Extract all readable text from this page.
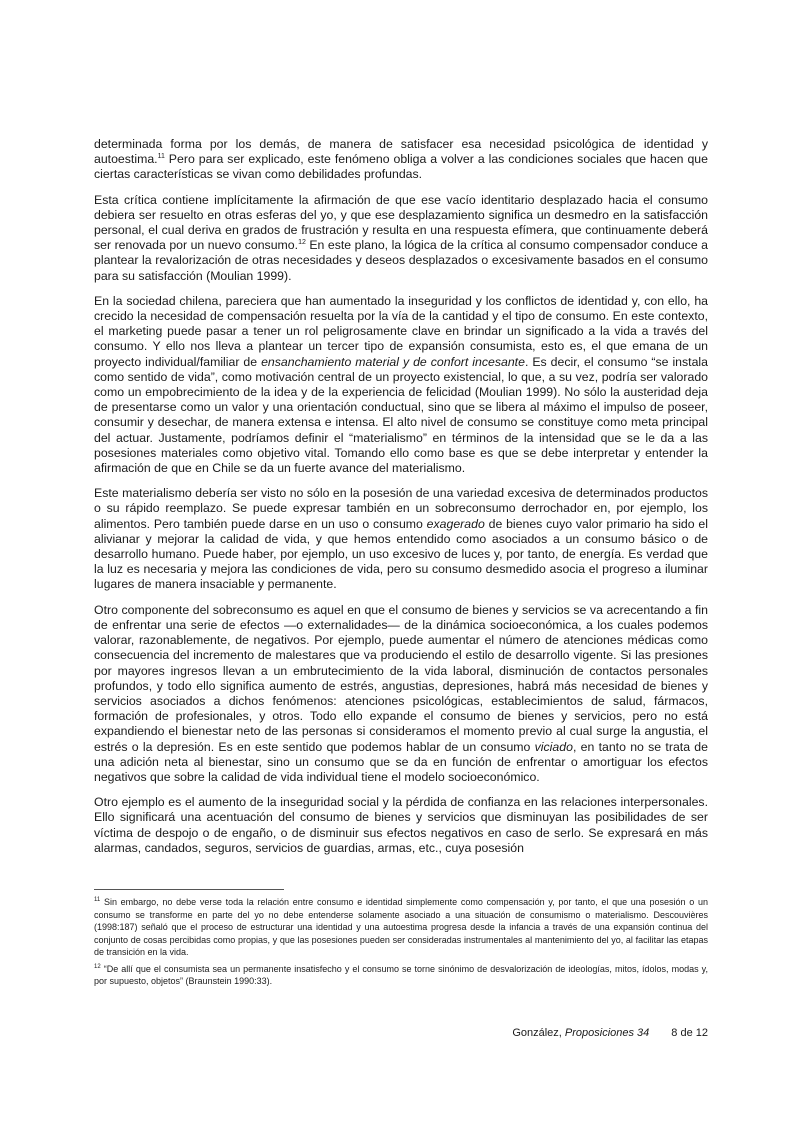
determinada forma por los demás, de manera de satisfacer esa necesidad psicológica de identidad y autoestima.$^{11}$ Pero para ser explicado, este fenómeno obliga a volver a las condiciones sociales que hacen que ciertas características se vivan como debilidades profundas.

Esta crítica contiene implícitamente la afirmación de que ese vacío identitario desplazado hacia el consumo debiera ser resuelto en otras esferas del yo, y que ese desplazamiento significa un desmedro en la satisfacción personal, el cual deriva en grados de frustración y resulta en una respuesta efímera, que continuamente deberá ser renovada por un nuevo consumo.$^{12}$ En este plano, la lógica de la crítica al consumo compensador conduce a plantear la revalorización de otras necesidades y deseos desplazados o excesivamente basados en el consumo para su satisfacción (Moulian 1999).

En la sociedad chilena, pareciera que han aumentado la inseguridad y los conflictos de identidad y, con ello, ha crecido la necesidad de compensación resuelta por la vía de la cantidad y el tipo de consumo. En este contexto, el marketing puede pasar a tener un rol peligrosamente clave en brindar un significado a la vida a través del consumo. Y ello nos lleva a plantear un tercer tipo de expansión consumista, esto es, el que emana de un proyecto individual/familiar de ensanchamiento material y de confort incesante. Es decir, el consumo “se instala como sentido de vida”, como motivación central de un proyecto existencial, lo que, a su vez, podría ser valorado como un empobrecimiento de la idea y de la experiencia de felicidad (Moulian 1999). No sólo la austeridad deja de presentarse como un valor y una orientación conductual, sino que se libera al máximo el impulso de poseer, consumir y desechar, de manera extensa e intensa. El alto nivel de consumo se constituye como meta principal del actuar. Justamente, podríamos definir el “materialismo” en términos de la intensidad que se le da a las posesiones materiales como objetivo vital. Tomando ello como base es que se debe interpretar y entender la afirmación de que en Chile se da un fuerte avance del materialismo.

Este materialismo debería ser visto no sólo en la posesión de una variedad excesiva de determinados productos o su rápido reemplazo. Se puede expresar también en un sobreconsumo derrochador en, por ejemplo, los alimentos. Pero también puede darse en un uso o consumo exagerado de bienes cuyo valor primario ha sido el alivianar y mejorar la calidad de vida, y que hemos entendido como asociados a un consumo básico o de desarrollo humano. Puede haber, por ejemplo, un uso excesivo de luces y, por tanto, de energía. Es verdad que la luz es necesaria y mejora las condiciones de vida, pero su consumo desmedido asocia el progreso a iluminar lugares de manera insaciable y permanente.

Otro componente del sobreconsumo es aquel en que el consumo de bienes y servicios se va acrecentando a fin de enfrentar una serie de efectos —o externalidades— de la dinámica socioeconómica, a los cuales podemos valorar, razonablemente, de negativos. Por ejemplo, puede aumentar el número de atenciones médicas como consecuencia del incremento de malestares que va produciendo el estilo de desarrollo vigente. Si las presiones por mayores ingresos llevan a un embrutecimiento de la vida laboral, disminución de contactos personales profundos, y todo ello significa aumento de estrés, angustias, depresiones, habrá más necesidad de bienes y servicios asociados a dichos fenómenos: atenciones psicológicas, establecimientos de salud, fármacos, formación de profesionales, y otros. Todo ello expande el consumo de bienes y servicios, pero no está expandiendo el bienestar neto de las personas si consideramos el momento previo al cual surge la angustia, el estrés o la depresión. Es en este sentido que podemos hablar de un consumo viciado, en tanto no se trata de una adición neta al bienestar, sino un consumo que se da en función de enfrentar o amortiguar los efectos negativos que sobre la calidad de vida individual tiene el modelo socioeconómico.

Otro ejemplo es el aumento de la inseguridad social y la pérdida de confianza en las relaciones interpersonales. Ello significará una acentuación del consumo de bienes y servicios que disminuyan las posibilidades de ser víctima de despojo o de engaño, o de disminuir sus efectos negativos en caso de serlo. Se expresará en más alarmas, candados, seguros, servicios de guardias, armas, etc., cuya posesión

$^{11}$ Sin embargo, no debe verse toda la relación entre consumo e identidad simplemente como compensación y, por tanto, el que una posesión o un consumo se transforme en parte del yo no debe entenderse solamente asociado a una situación de consumismo o materialismo. Descouvières (1998:187) señaló que el proceso de estructurar una identidad y una autoestima progresa desde la infancia a través de una expansión continua del conjunto de cosas percibidas como propias, y que las posesiones pueden ser consideradas instrumentales al mantenimiento del yo, al facilitar las etapas de transición en la vida.

$^{12}$ “De allí que el consumista sea un permanente insatisfecho y el consumo se torne sinónimo de desvalorización de ideologías, mitos, ídolos, modas y, por supuesto, objetos” (Braunstein 1990:33).

González, Proposiciones 34 8 de 12
